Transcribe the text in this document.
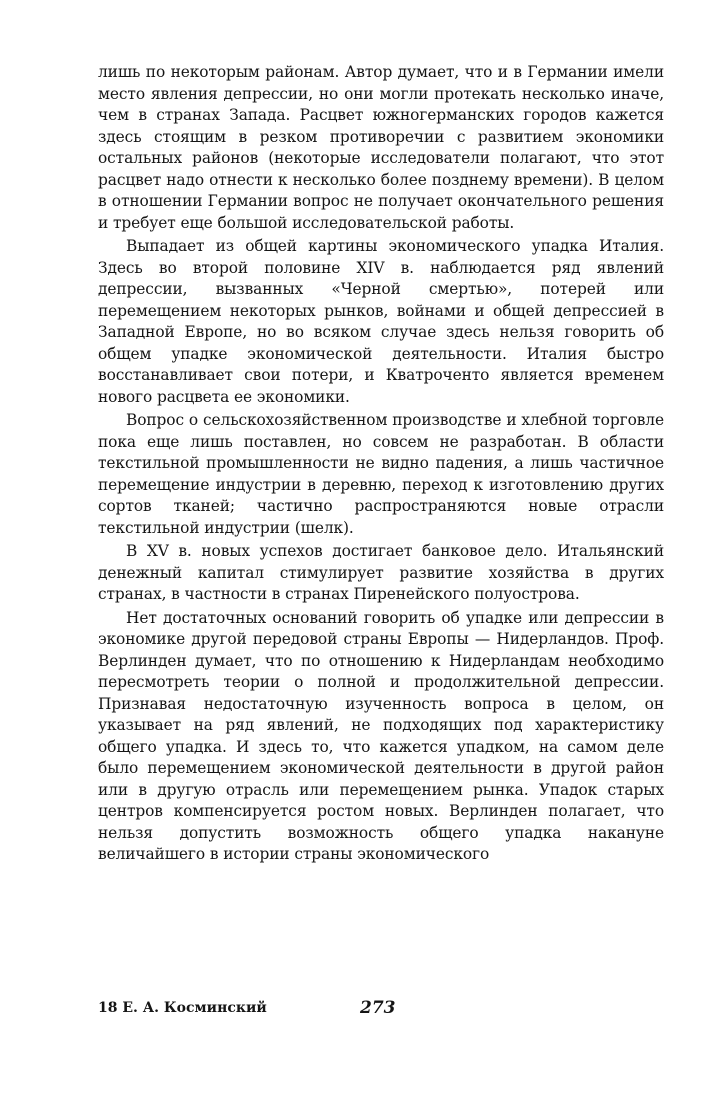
лишь по некоторым районам. Автор думает, что и в Германии имели место явления депрессии, но они могли протекать несколько иначе, чем в странах Запада. Расцвет южногерманских городов кажется здесь стоящим в резком противоречии с развитием экономики остальных районов (некоторые исследователи полагают, что этот расцвет надо отнести к несколько более позднему времени). В целом в отношении Германии вопрос не получает окончательного решения и требует еще большой исследовательской работы.

Выпадает из общей картины экономического упадка Италия. Здесь во второй половине XIV в. наблюдается ряд явлений депрессии, вызванных «Черной смертью», потерей или перемещением некоторых рынков, войнами и общей депрессией в Западной Европе, но во всяком случае здесь нельзя говорить об общем упадке экономической деятельности. Италия быстро восстанавливает свои потери, и Кватроченто является временем нового расцвета ее экономики.

Вопрос о сельскохозяйственном производстве и хлебной торговле пока еще лишь поставлен, но совсем не разработан. В области текстильной промышленности не видно падения, а лишь частичное перемещение индустрии в деревню, переход к изготовлению других сортов тканей; частично распространяются новые отрасли текстильной индустрии (шелк).

В XV в. новых успехов достигает банковое дело. Итальянский денежный капитал стимулирует развитие хозяйства в других странах, в частности в странах Пиренейского полуострова.

Нет достаточных оснований говорить об упадке или депрессии в экономике другой передовой страны Европы — Нидерландов. Проф. Верлинден думает, что по отношению к Нидерландам необходимо пересмотреть теории о полной и продолжительной депрессии. Признавая недостаточную изученность вопроса в целом, он указывает на ряд явлений, не подходящих под характеристику общего упадка. И здесь то, что кажется упадком, на самом деле было перемещением экономической деятельности в другой район или в другую отрасль или перемещением рынка. Упадок старых центров компенсируется ростом новых. Верлинден полагает, что нельзя допустить возможность общего упадка накануне величайшего в истории страны экономического

18 Е. А. Косминский	273
